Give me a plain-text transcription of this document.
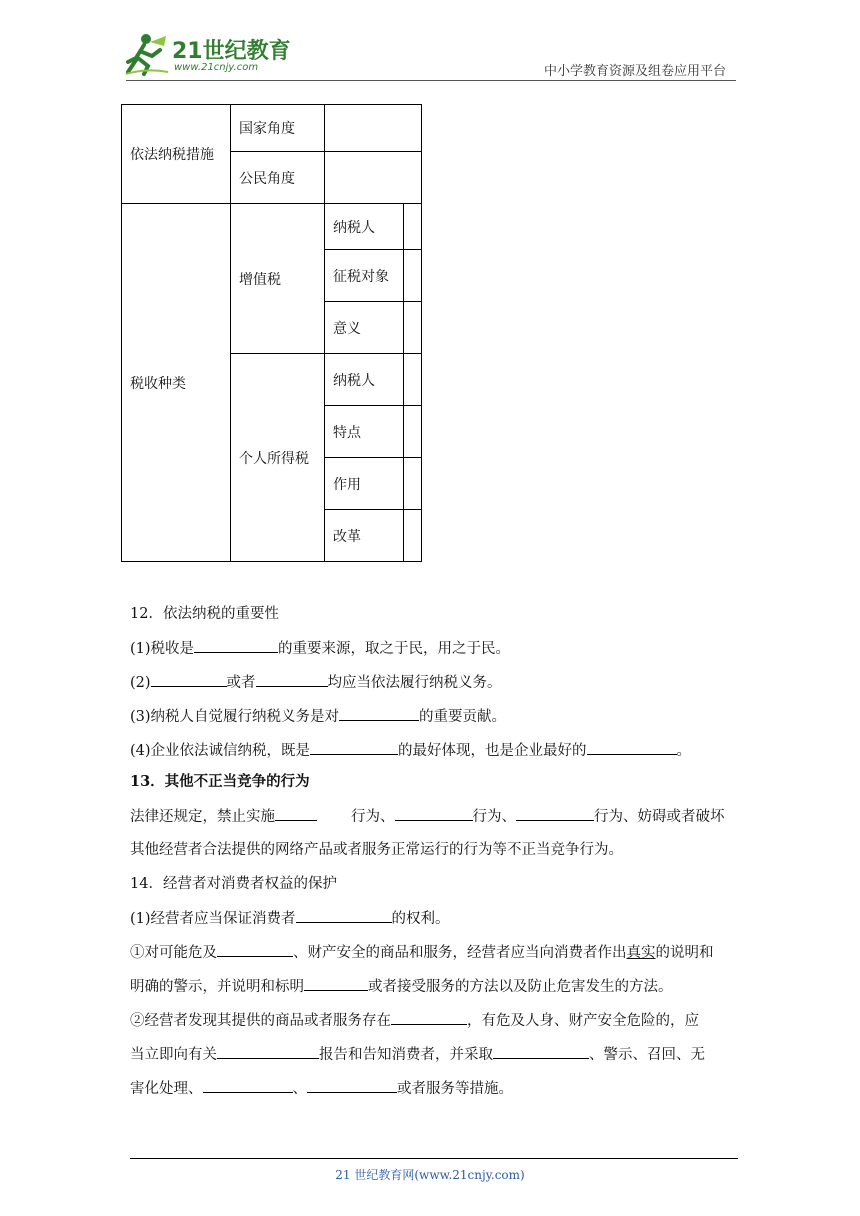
21世纪教育
www.21cnjy.com	中小学教育资源及组卷应用平台
依法纳税措施	国家角度		
	公民角度		
税收种类	增值税	纳税人	
		征税对象	
		意义	
	个人所得税	纳税人	
		特点	
		作用	
		改革	
12．依法纳税的重要性
(1)税收是	的重要来源，取之于民，用之于民。
(2)	或者	均应当依法履行纳税义务。
(3)纳税人自觉履行纳税义务是对	的重要贡献。
(4)企业依法诚信纳税，既是	的最好体现，也是企业最好的	。
13．其他不正当竞争的行为
法律还规定，禁止实施	行为、	行为、	行为、妨碍或者破坏
其他经营者合法提供的网络产品或者服务正常运行的行为等不正当竞争行为。
14．经营者对消费者权益的保护
(1)经营者应当保证消费者	的权利。
①对可能危及	、财产安全的商品和服务，经营者应当向消费者作出真实的说明和
明确的警示，并说明和标明	或者接受服务的方法以及防止危害发生的方法。
②经营者发现其提供的商品或者服务存在	，有危及人身、财产安全危险的，应
当立即向有关	报告和告知消费者，并采取	、警示、召回、无
害化处理、	、	或者服务等措施。
21 世纪教育网(www.21cnjy.com)
